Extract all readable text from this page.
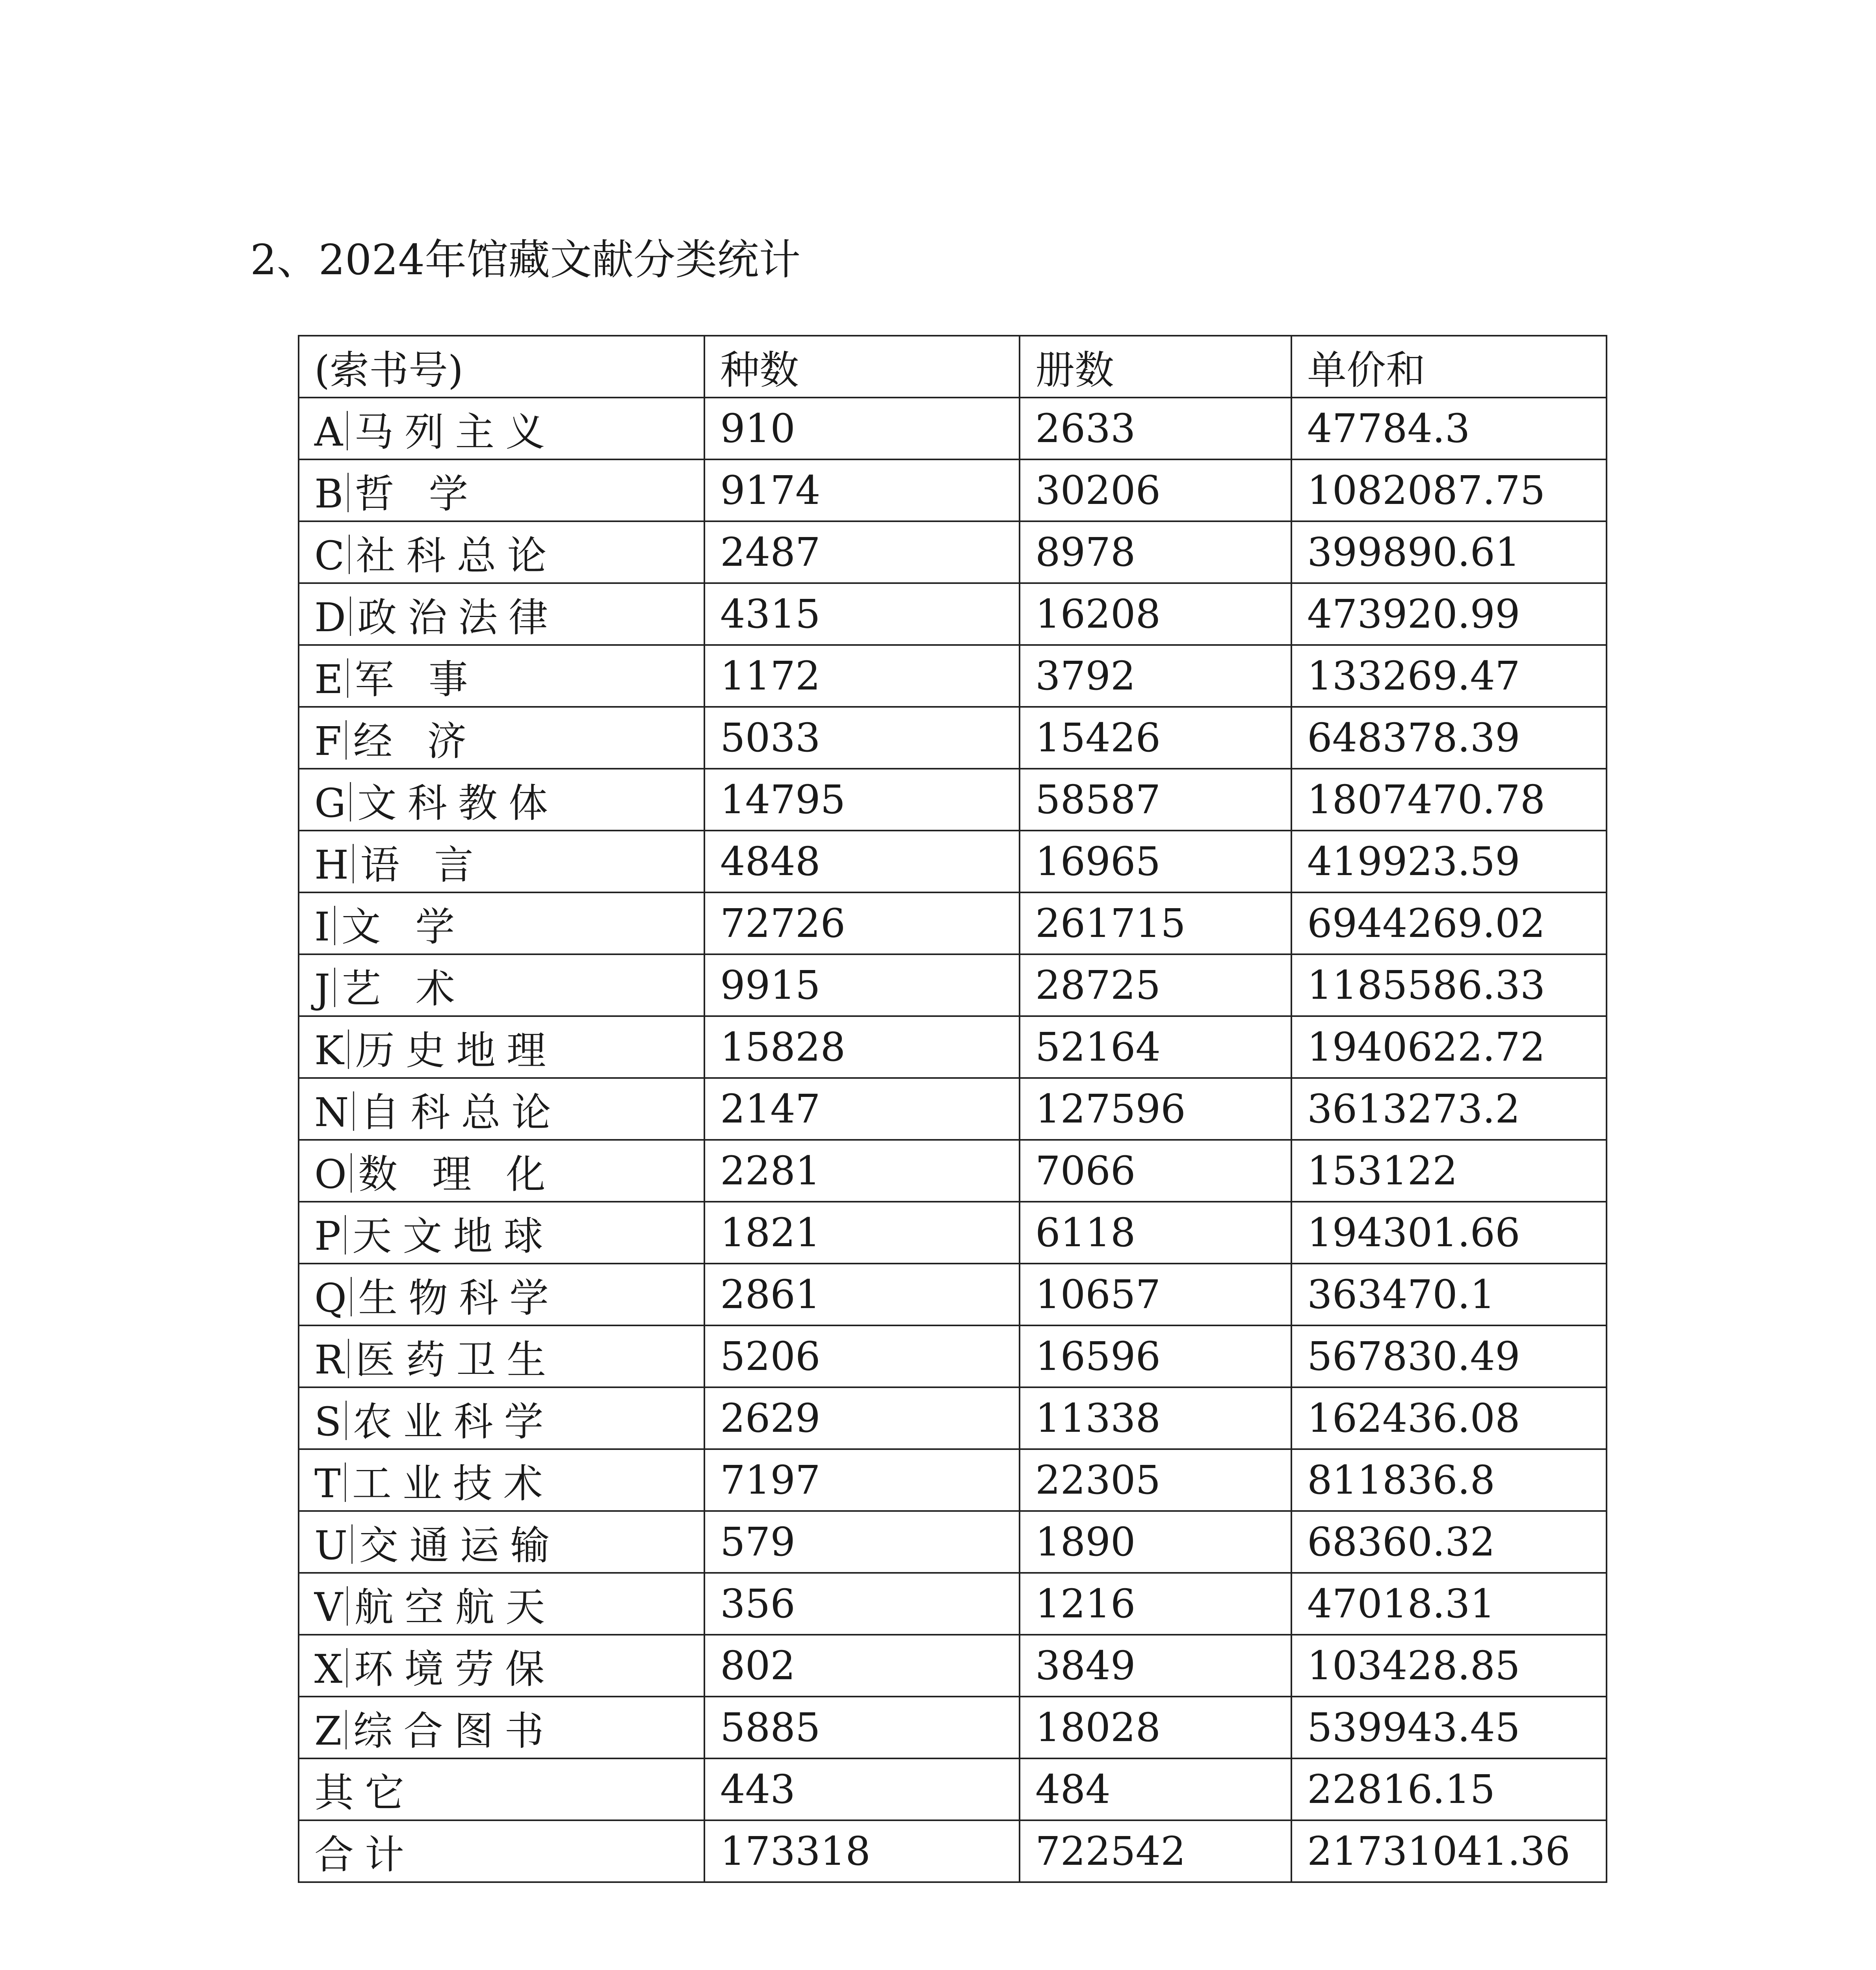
2、2024年馆藏文献分类统计
(索书号)	种数	册数	单价和
A 马列主义	910	2633	47784.3
B 哲 学	9174	30206	1082087.75
C 社科总论	2487	8978	399890.61
D 政治法律	4315	16208	473920.99
E 军 事	1172	3792	133269.47
F 经 济	5033	15426	648378.39
G 文科教体	14795	58587	1807470.78
H 语 言	4848	16965	419923.59
I 文 学	72726	261715	6944269.02
J 艺 术	9915	28725	1185586.33
K 历史地理	15828	52164	1940622.72
N 自科总论	2147	127596	3613273.2
O 数 理 化	2281	7066	153122
P 天文地球	1821	6118	194301.66
Q 生物科学	2861	10657	363470.1
R 医药卫生	5206	16596	567830.49
S 农业科学	2629	11338	162436.08
T 工业技术	7197	22305	811836.8
U 交通运输	579	1890	68360.32
V 航空航天	356	1216	47018.31
X 环境劳保	802	3849	103428.85
Z 综合图书	5885	18028	539943.45
其它	443	484	22816.15
合计	173318	722542	21731041.36
